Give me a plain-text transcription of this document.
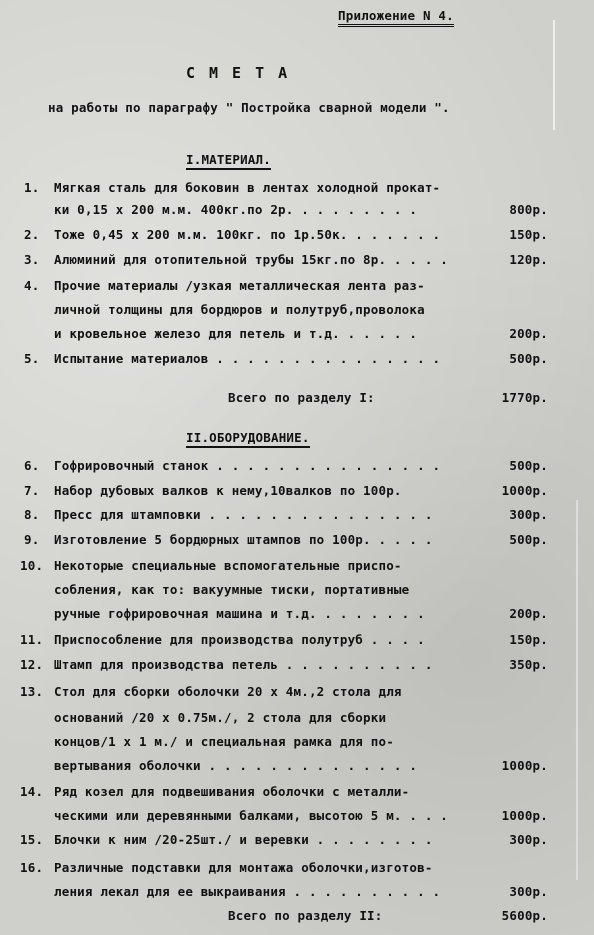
Приложение N 4.
СМЕТА
на работы по параграфу " Постройка сварной модели ".
I.МАТЕРИАЛ.
1. Мягкая сталь для боковин в лентах холодной прокат-
ки 0,15 х 200 м.м. 400кг.по 2р. . . . . . . . .	800р.
2. Тоже 0,45 х 200 м.м. 100кг. по 1р.50к. . . . . . .	150р.
3. Алюминий для отопительной трубы 15кг.по 8р. . . . .	120р.
4. Прочие материалы /узкая металлическая лента раз-
личной толщины для бордюров и полутруб,проволока
и кровельное железо для петель и т.д. . . . . .	200р.
5. Испытание материалов . . . . . . . . . . . . . . .	500р.
Всего по разделу I:	1770р.
II.ОБОРУДОВАНИЕ.
6. Гофрировочный станок . . . . . . . . . . . . . . .	500р.
7. Набор дубовых валков к нему,10валков по 100р.	1000р.
8. Пресс для штамповки . . . . . . . . . . . . . . .	300р.
9. Изготовление 5 бордюрных штампов по 100р. . . . .	500р.
10. Некоторые специальные вспомогательные приспо-
собления, как то: вакуумные тиски, портативные
ручные гофрировочная машина и т.д. . . . . . . .	200р.
11. Приспособление для производства полутруб . . . .	150р.
12. Штамп для производства петель . . . . . . . . . .	350р.
13. Стол для сборки оболочки 20 х 4м.,2 стола для
оснований /20 х 0.75м./, 2 стола для сборки
концов/1 х 1 м./ и специальная рамка для по-
вертывания оболочки . . . . . . . . . . . . . .	1000р.
14. Ряд козел для подвешивания оболочки с металли-
ческими или деревянными балками, высотою 5 м. . . .	1000р.
15. Блочки к ним /20-25шт./ и веревки . . . . . . . .	300р.
16. Различные подставки для монтажа оболочки,изготов-
ления лекал для ее выкраивания . . . . . . . . . .	300р.
Всего по разделу II:	5600р.
